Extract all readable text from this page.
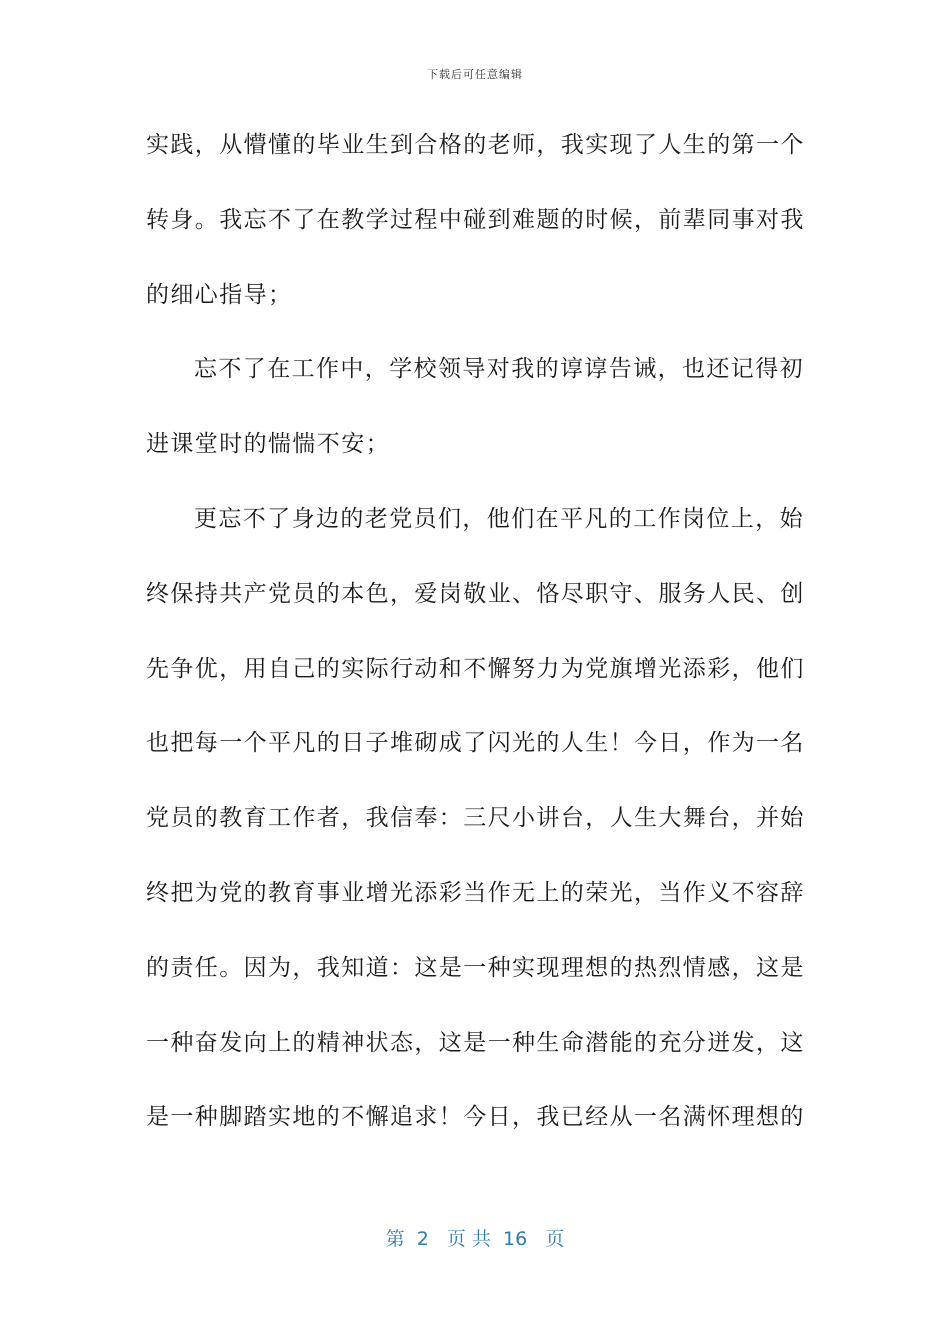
下载后可任意编辑
实践，从懵懂的毕业生到合格的老师，我实现了人生的第一个
转身。我忘不了在教学过程中碰到难题的时候，前辈同事对我
的细心指导；
忘不了在工作中，学校领导对我的谆谆告诫，也还记得初
进课堂时的惴惴不安；
更忘不了身边的老党员们，他们在平凡的工作岗位上，始
终保持共产党员的本色，爱岗敬业、恪尽职守、服务人民、创
先争优，用自己的实际行动和不懈努力为党旗增光添彩，他们
也把每一个平凡的日子堆砌成了闪光的人生！今日，作为一名
党员的教育工作者，我信奉：三尺小讲台，人生大舞台，并始
终把为党的教育事业增光添彩当作无上的荣光，当作义不容辞
的责任。因为，我知道：这是一种实现理想的热烈情感，这是
一种奋发向上的精神状态，这是一种生命潜能的充分迸发，这
是一种脚踏实地的不懈追求！今日，我已经从一名满怀理想的
第  2   页 共  16   页
